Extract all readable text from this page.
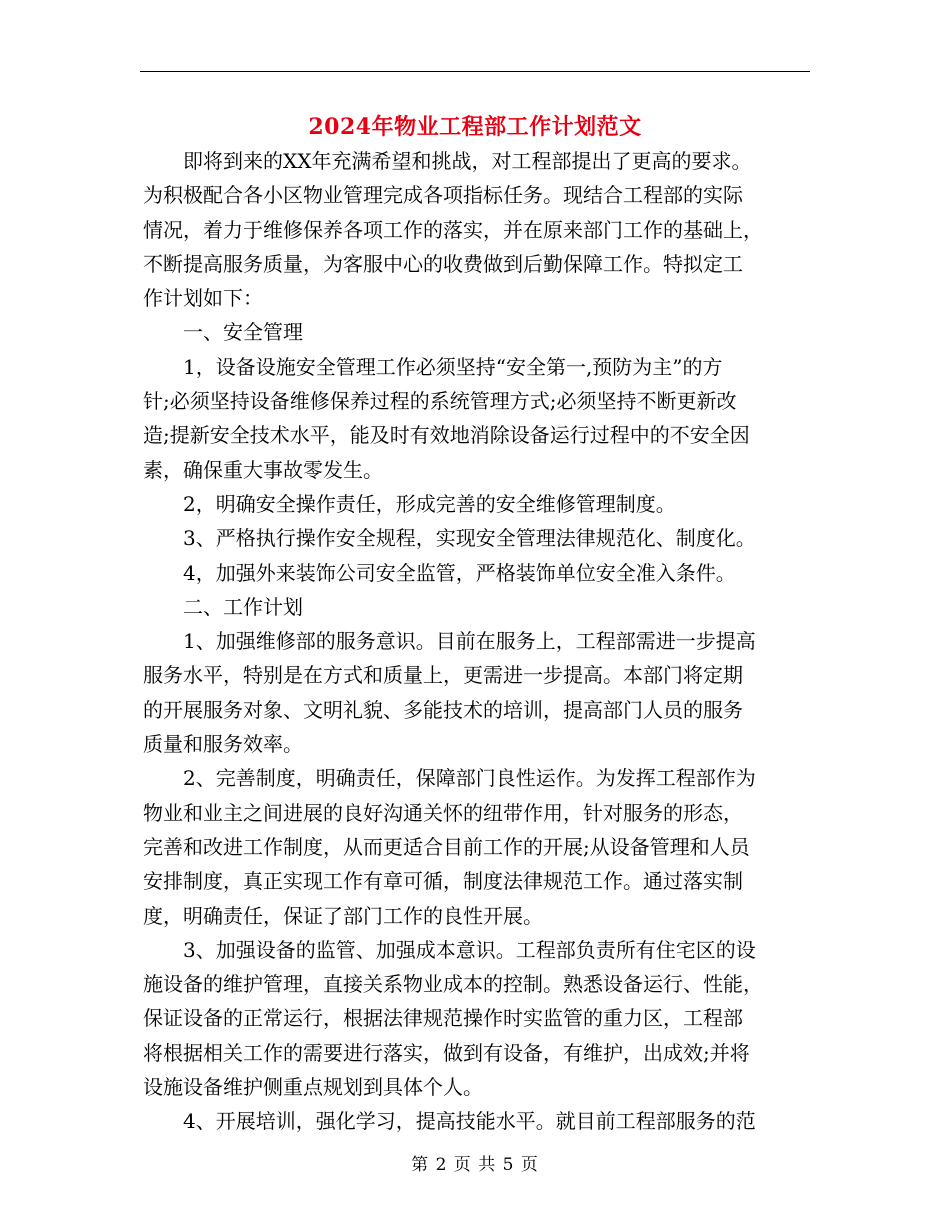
2024年物业工程部工作计划范文
即将到来的XX年充满希望和挑战，对工程部提出了更高的要求。
为积极配合各小区物业管理完成各项指标任务。现结合工程部的实际
情况，着力于维修保养各项工作的落实，并在原来部门工作的基础上，
不断提高服务质量，为客服中心的收费做到后勤保障工作。特拟定工
作计划如下：
一、安全管理
1，设备设施安全管理工作必须坚持“安全第一,预防为主”的方
针;必须坚持设备维修保养过程的系统管理方式;必须坚持不断更新改
造;提新安全技术水平，能及时有效地消除设备运行过程中的不安全因
素，确保重大事故零发生。
2，明确安全操作责任，形成完善的安全维修管理制度。
3、严格执行操作安全规程，实现安全管理法律规范化、制度化。
4，加强外来装饰公司安全监管，严格装饰单位安全准入条件。
二、工作计划
1、加强维修部的服务意识。目前在服务上，工程部需进一步提高
服务水平，特别是在方式和质量上，更需进一步提高。本部门将定期
的开展服务对象、文明礼貌、多能技术的培训，提高部门人员的服务
质量和服务效率。
2、完善制度，明确责任，保障部门良性运作。为发挥工程部作为
物业和业主之间进展的良好沟通关怀的纽带作用，针对服务的形态，
完善和改进工作制度，从而更适合目前工作的开展;从设备管理和人员
安排制度，真正实现工作有章可循，制度法律规范工作。通过落实制
度，明确责任，保证了部门工作的良性开展。
3、加强设备的监管、加强成本意识。工程部负责所有住宅区的设
施设备的维护管理，直接关系物业成本的控制。熟悉设备运行、性能，
保证设备的正常运行，根据法律规范操作时实监管的重力区，工程部
将根据相关工作的需要进行落实，做到有设备，有维护，出成效;并将
设施设备维护侧重点规划到具体个人。
4、开展培训，强化学习，提高技能水平。就目前工程部服务的范
第 2 页 共 5 页
